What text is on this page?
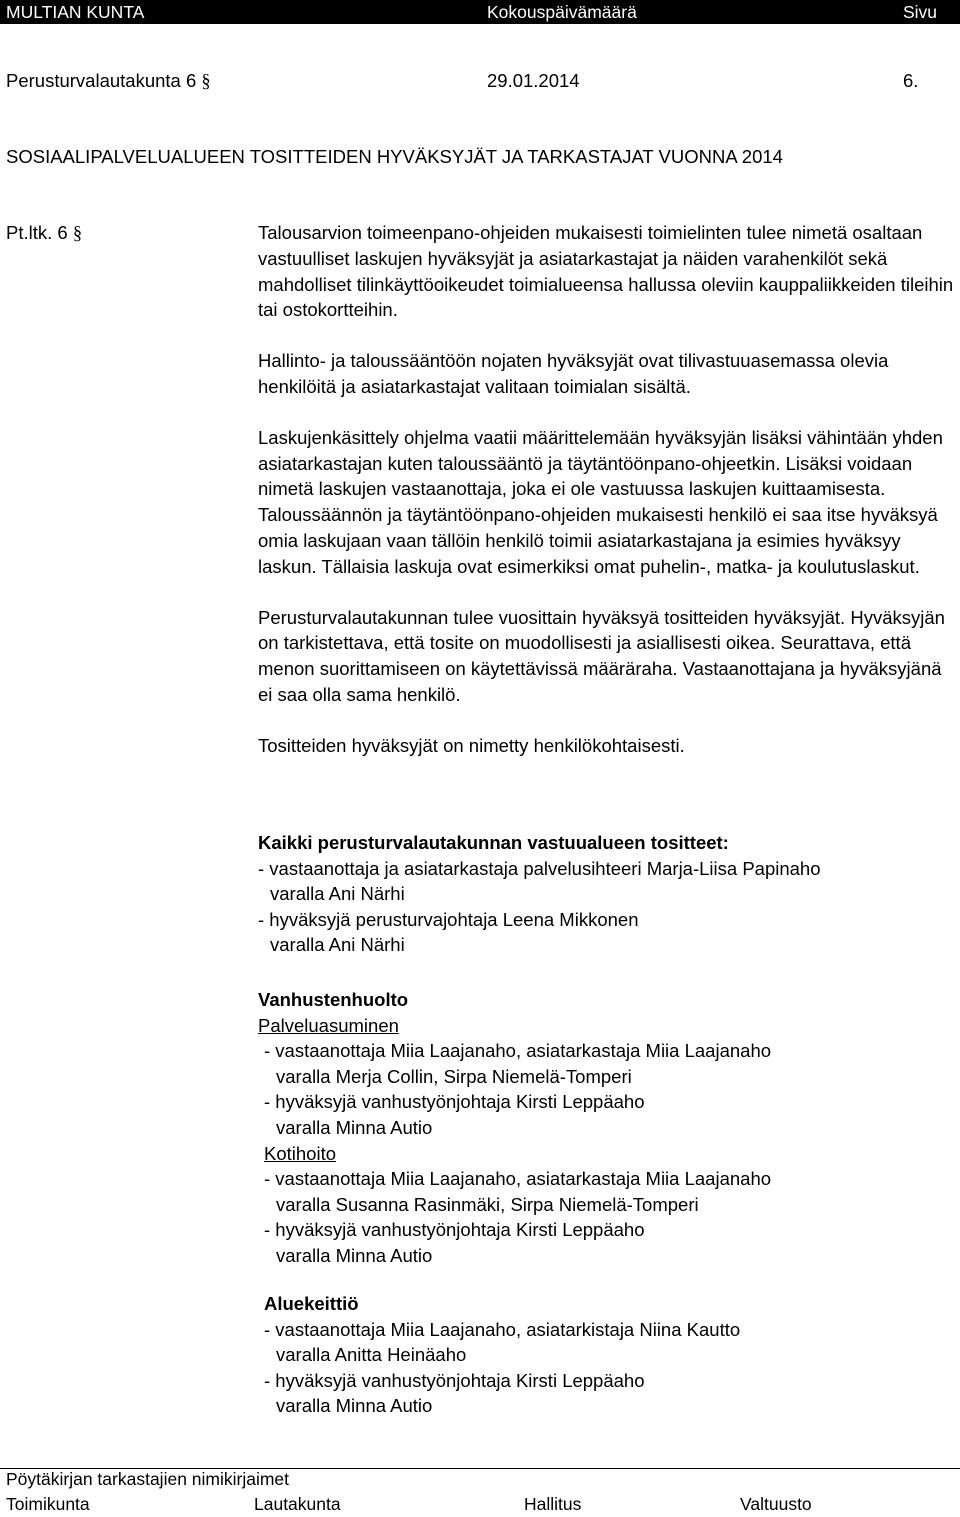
MULTIAN KUNTA	Kokouspäivämäärä	Sivu
Perusturvalautakunta 6 §	29.01.2014	6.
SOSIAALIPALVELUALUEEN TOSITTEIDEN HYVÄKSYJÄT JA TARKASTAJAT VUONNA 2014
Pt.ltk. 6 §	Talousarvion toimeenpano-ohjeiden mukaisesti toimielinten tulee nimetä osaltaan vastuulliset laskujen hyväksyjät ja asiatarkastajat ja näiden varahenkilöt sekä mahdolliset tilinkäyttöoikeudet toimialueensa hallussa oleviin kauppaliikkeiden tileihin tai ostokortteihin.

Hallinto- ja taloussääntöön nojaten hyväksyjät ovat tilivastuuasemassa olevia henkilöitä ja asiatarkastajat valitaan toimialan sisältä.

Laskujenkäsittely ohjelma vaatii määrittelemään hyväksyjän lisäksi vähintään yhden asiatarkastajan kuten taloussääntö ja täytäntöönpano-ohjeetkin. Lisäksi voidaan nimetä laskujen vastaanottaja, joka ei ole vastuussa laskujen kuittaamisesta. Taloussäännön ja täytäntöönpano-ohjeiden mukaisesti henkilö ei saa itse hyväksyä omia laskujaan vaan tällöin henkilö toimii asiatarkastajana ja esimies hyväksyy laskun. Tällaisia laskuja ovat esimerkiksi omat puhelin-, matka- ja koulutuslaskut.

Perusturvalautakunnan tulee vuosittain hyväksyä tositteiden hyväksyjät. Hyväksyjän on tarkistettava, että tosite on muodollisesti ja asiallisesti oikea. Seurattava, että menon suorittamiseen on käytettävissä määräraha. Vastaanottajana ja hyväksyjänä ei saa olla sama henkilö.

Tositteiden hyväksyjät on nimetty henkilökohtaisesti.

Kaikki perusturvalautakunnan vastuualueen tositteet:
- vastaanottaja ja asiatarkastaja palvelusihteeri Marja-Liisa Papinaho
varalla Ani Närhi
- hyväksyjä perusturvajohtaja Leena Mikkonen
varalla Ani Närhi
Vanhustenhuolto
Palveluasuminen
- vastaanottaja Miia Laajanaho, asiatarkastaja Miia Laajanaho
varalla Merja Collin, Sirpa Niemelä-Tomperi
- hyväksyjä vanhustyönjohtaja Kirsti Leppäaho
varalla Minna Autio
Kotihoito
- vastaanottaja Miia Laajanaho, asiatarkastaja Miia Laajanaho
varalla Susanna Rasinmäki, Sirpa Niemelä-Tomperi
- hyväksyjä vanhustyönjohtaja Kirsti Leppäaho
varalla Minna Autio
Aluekeittiö
- vastaanottaja Miia Laajanaho, asiatarkistaja Niina Kautto
varalla Anitta Heinäaho
- hyväksyjä vanhustyönjohtaja Kirsti Leppäaho
varalla Minna Autio
Pöytäkirjan tarkastajien nimikirjaimet
Toimikunta	Lautakunta	Hallitus	Valtuusto
